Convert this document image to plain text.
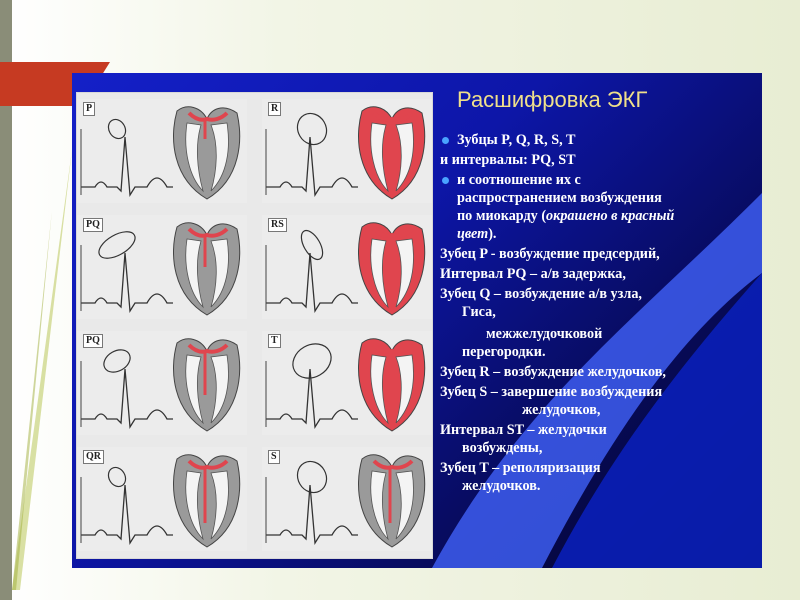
P	R
PQ	RS
PQ	T
QR	S
Расшифровка ЭКГ
Зубцы P, Q, R, S, T
и интервалы: PQ, ST
и соотношение их с
распространением возбуждения
по миокарду (окрашено в красный
цвет).
Зубец P - возбуждение предсердий,
Интервал PQ – а/в задержка,
Зубец Q – возбуждение а/в узла,
Гиса,
межжелудочковой
перегородки.
Зубец R – возбуждение желудочков,
Зубец S – завершение возбуждения
желудочков,
Интервал ST – желудочки
возбуждены,
Зубец T – реполяризация
желудочков.
